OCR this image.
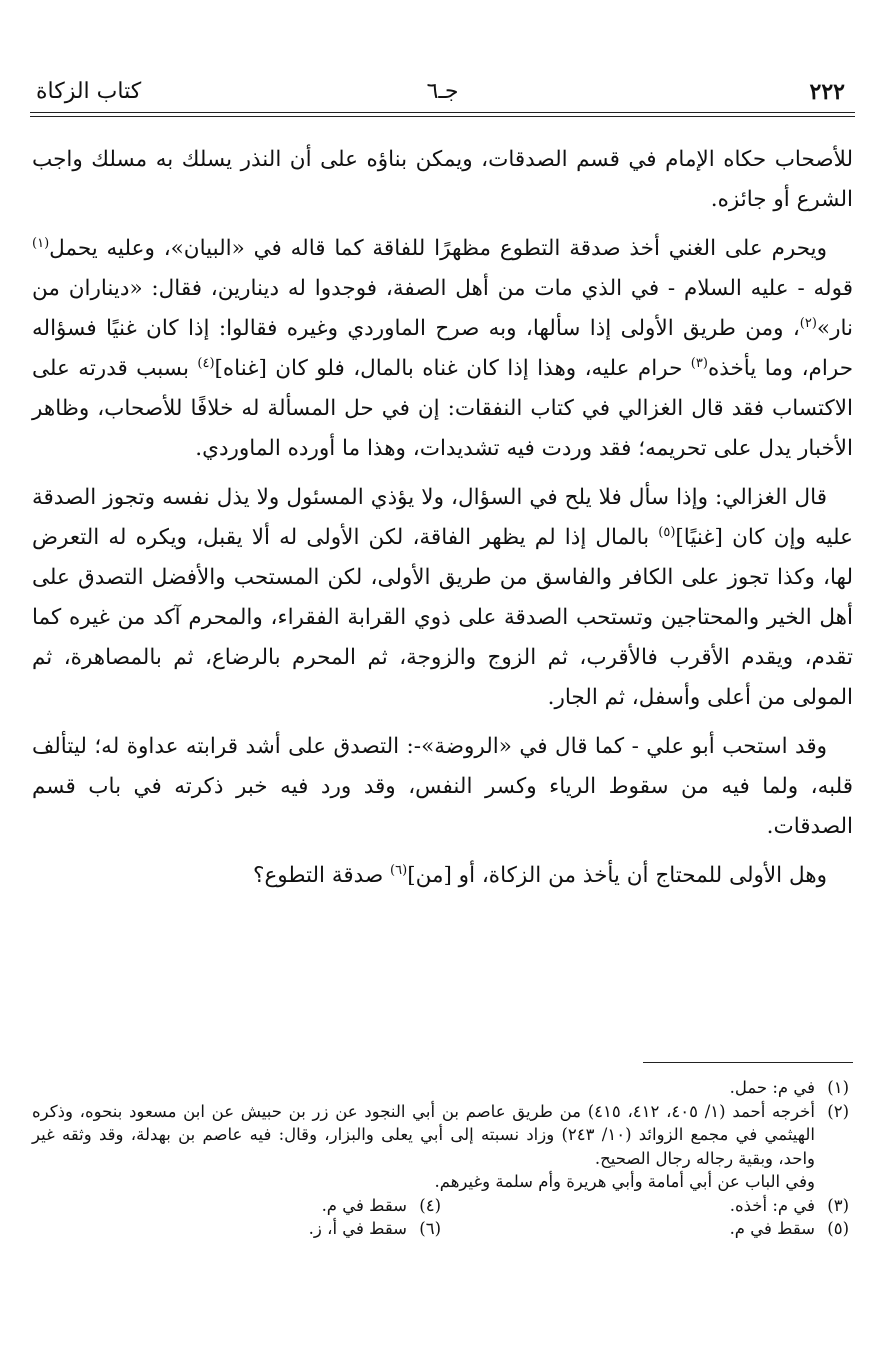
٢٢٢
جـ٦
كتاب الزكاة

للأصحاب حكاه الإمام في قسم الصدقات، ويمكن بناؤه على أن النذر يسلك به مسلك واجب الشرع أو جائزه.

ويحرم على الغني أخذ صدقة التطوع مظهرًا للفاقة كما قاله في «البيان»، وعليه يحمل$^{(١)}$ قوله - عليه السلام - في الذي مات من أهل الصفة، فوجدوا له دينارين، فقال: «ديناران من نار»$^{(٢)}$، ومن طريق الأولى إذا سألها، وبه صرح الماوردي وغيره فقالوا: إذا كان غنيًا فسؤاله حرام، وما يأخذه$^{(٣)}$ حرام عليه، وهذا إذا كان غناه بالمال، فلو كان [غناه]$^{(٤)}$ بسبب قدرته على الاكتساب فقد قال الغزالي في كتاب النفقات: إن في حل المسألة له خلافًا للأصحاب، وظاهر الأخبار يدل على تحريمه؛ فقد وردت فيه تشديدات، وهذا ما أورده الماوردي.

قال الغزالي: وإذا سأل فلا يلح في السؤال، ولا يؤذي المسئول ولا يذل نفسه وتجوز الصدقة عليه وإن كان [غنيًا]$^{(٥)}$ بالمال إذا لم يظهر الفاقة، لكن الأولى له ألا يقبل، ويكره له التعرض لها، وكذا تجوز على الكافر والفاسق من طريق الأولى، لكن المستحب والأفضل التصدق على أهل الخير والمحتاجين وتستحب الصدقة على ذوي القرابة الفقراء، والمحرم آكد من غيره كما تقدم، ويقدم الأقرب فالأقرب، ثم الزوج والزوجة، ثم المحرم بالرضاع، ثم بالمصاهرة، ثم المولى من أعلى وأسفل، ثم الجار.

وقد استحب أبو علي - كما قال في «الروضة»-: التصدق على أشد قرابته عداوة له؛ ليتألف قلبه، ولما فيه من سقوط الرياء وكسر النفس، وقد ورد فيه خبر ذكرته في باب قسم الصدقات.

وهل الأولى للمحتاج أن يأخذ من الزكاة، أو [من]$^{(٦)}$ صدقة التطوع؟

(١)
في م: حمل.
(٢)
أخرجه أحمد (١/ ٤٠٥، ٤١٢، ٤١٥) من طريق عاصم بن أبي النجود عن زر بن حبيش عن ابن مسعود بنحوه، وذكره الهيثمي في مجمع الزوائد (١٠/ ٢٤٣) وزاد نسبته إلى أبي يعلى والبزار، وقال: فيه عاصم بن بهدلة، وقد وثقه غير واحد، وبقية رجاله رجال الصحيح.
وفي الباب عن أبي أمامة وأبي هريرة وأم سلمة وغيرهم.
(٣)
في م: أخذه.
(٤)
سقط في م.
(٥)
سقط في م.
(٦)
سقط في أ، ز.
